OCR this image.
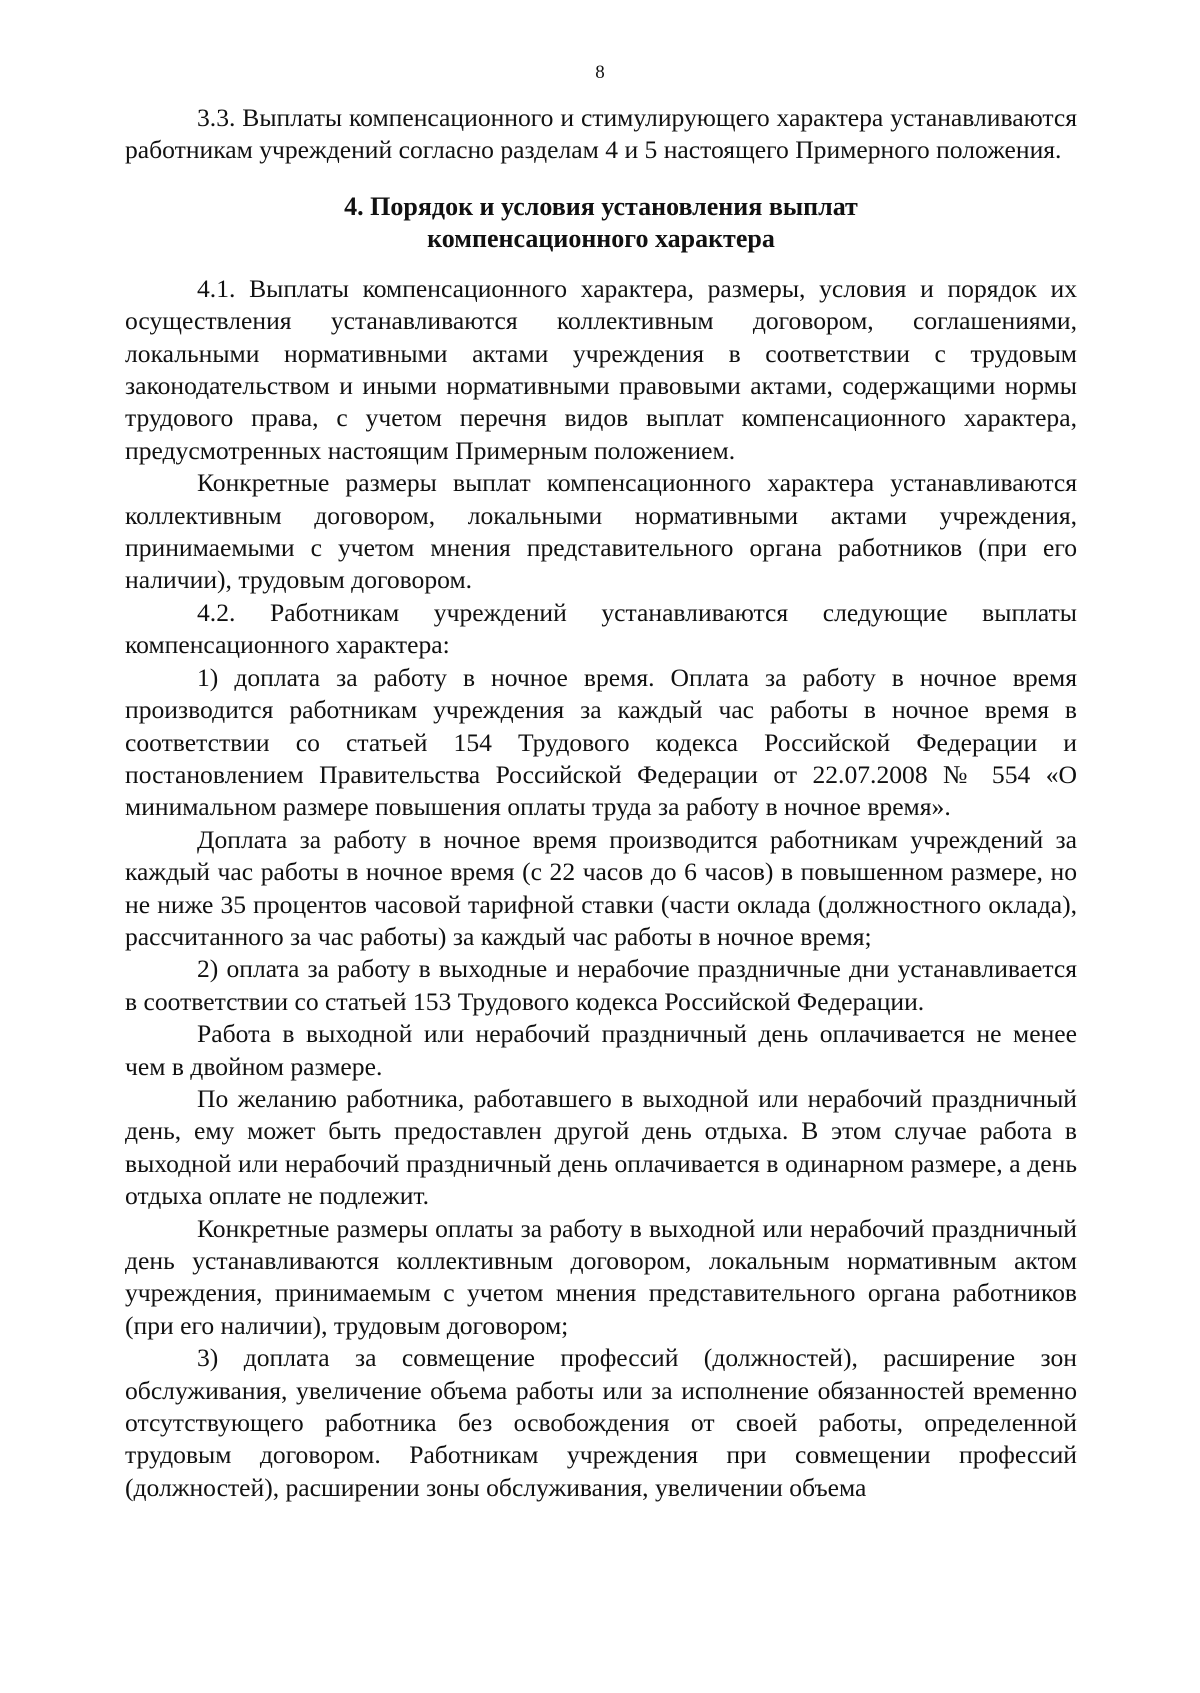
8

3.3. Выплаты компенсационного и стимулирующего характера устанавливаются работникам учреждений согласно разделам 4 и 5 настоящего Примерного положения.

4. Порядок и условия установления выплат
компенсационного характера

4.1. Выплаты компенсационного характера, размеры, условия и порядок их осуществления устанавливаются коллективным договором, соглашениями, локальными нормативными актами учреждения в соответствии с трудовым законодательством и иными нормативными правовыми актами, содержащими нормы трудового права, с учетом перечня видов выплат компенсационного характера, предусмотренных настоящим Примерным положением.

Конкретные размеры выплат компенсационного характера устанавливаются коллективным договором, локальными нормативными актами учреждения, принимаемыми с учетом мнения представительного органа работников (при его наличии), трудовым договором.

4.2. Работникам учреждений устанавливаются следующие выплаты компенсационного характера:

1) доплата за работу в ночное время. Оплата за работу в ночное время производится работникам учреждения за каждый час работы в ночное время в соответствии со статьей 154 Трудового кодекса Российской Федерации и постановлением Правительства Российской Федерации от 22.07.2008 № 554 «О минимальном размере повышения оплаты труда за работу в ночное время».

Доплата за работу в ночное время производится работникам учреждений за каждый час работы в ночное время (с 22 часов до 6 часов) в повышенном размере, но не ниже 35 процентов часовой тарифной ставки (части оклада (должностного оклада), рассчитанного за час работы) за каждый час работы в ночное время;

2) оплата за работу в выходные и нерабочие праздничные дни устанавливается в соответствии со статьей 153 Трудового кодекса Российской Федерации.

Работа в выходной или нерабочий праздничный день оплачивается не менее чем в двойном размере.

По желанию работника, работавшего в выходной или нерабочий праздничный день, ему может быть предоставлен другой день отдыха. В этом случае работа в выходной или нерабочий праздничный день оплачивается в одинарном размере, а день отдыха оплате не подлежит.

Конкретные размеры оплаты за работу в выходной или нерабочий праздничный день устанавливаются коллективным договором, локальным нормативным актом учреждения, принимаемым с учетом мнения представительного органа работников (при его наличии), трудовым договором;

3) доплата за совмещение профессий (должностей), расширение зон обслуживания, увеличение объема работы или за исполнение обязанностей временно отсутствующего работника без освобождения от своей работы, определенной трудовым договором. Работникам учреждения при совмещении профессий (должностей), расширении зоны обслуживания, увеличении объема
